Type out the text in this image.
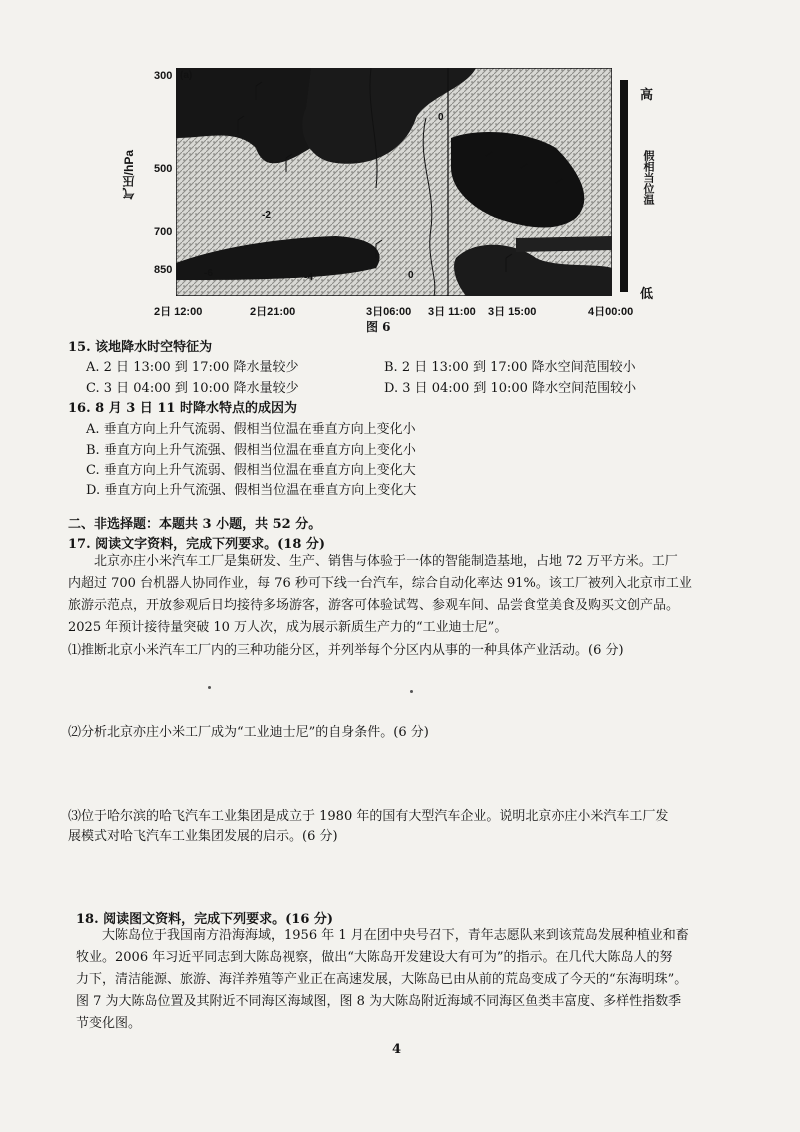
300
500
700
850
气压/hPa
(a)
-6	-4
-2
0
0
2日 12:00	2日21:00	3日06:00 3日 11:00 3日 15:00	4日00:00
图 6
高
假相当位温
低
15. 该地降水时空特征为
A. 2 日 13:00 到 17:00 降水量较少	B. 2 日 13:00 到 17:00 降水空间范围较小
C. 3 日 04:00 到 10:00 降水量较少	D. 3 日 04:00 到 10:00 降水空间范围较小
16. 8 月 3 日 11 时降水特点的成因为
A. 垂直方向上升气流弱、假相当位温在垂直方向上变化小
B. 垂直方向上升气流强、假相当位温在垂直方向上变化小
C. 垂直方向上升气流弱、假相当位温在垂直方向上变化大
D. 垂直方向上升气流强、假相当位温在垂直方向上变化大
二、非选择题：本题共 3 小题，共 52 分。
17. 阅读文字资料，完成下列要求。(18 分)
北京亦庄小米汽车工厂是集研发、生产、销售与体验于一体的智能制造基地，占地 72 万平方米。工厂
内超过 700 台机器人协同作业，每 76 秒可下线一台汽车，综合自动化率达 91%。该工厂被列入北京市工业
旅游示范点，开放参观后日均接待多场游客，游客可体验试驾、参观车间、品尝食堂美食及购买文创产品。
2025 年预计接待量突破 10 万人次，成为展示新质生产力的“工业迪士尼”。
⑴推断北京小米汽车工厂内的三种功能分区，并列举每个分区内从事的一种具体产业活动。(6 分)
⑵分析北京亦庄小米工厂成为“工业迪士尼”的自身条件。(6 分)
⑶位于哈尔滨的哈飞汽车工业集团是成立于 1980 年的国有大型汽车企业。说明北京亦庄小米汽车工厂发
展模式对哈飞汽车工业集团发展的启示。(6 分)
18. 阅读图文资料，完成下列要求。(16 分)
大陈岛位于我国南方沿海海域，1956 年 1 月在团中央号召下，青年志愿队来到该荒岛发展种植业和畜
牧业。2006 年习近平同志到大陈岛视察，做出“大陈岛开发建设大有可为”的指示。在几代大陈岛人的努
力下，清洁能源、旅游、海洋养殖等产业正在高速发展，大陈岛已由从前的荒岛变成了今天的“东海明珠”。
图 7 为大陈岛位置及其附近不同海区海域图，图 8 为大陈岛附近海域不同海区鱼类丰富度、多样性指数季
节变化图。
4
